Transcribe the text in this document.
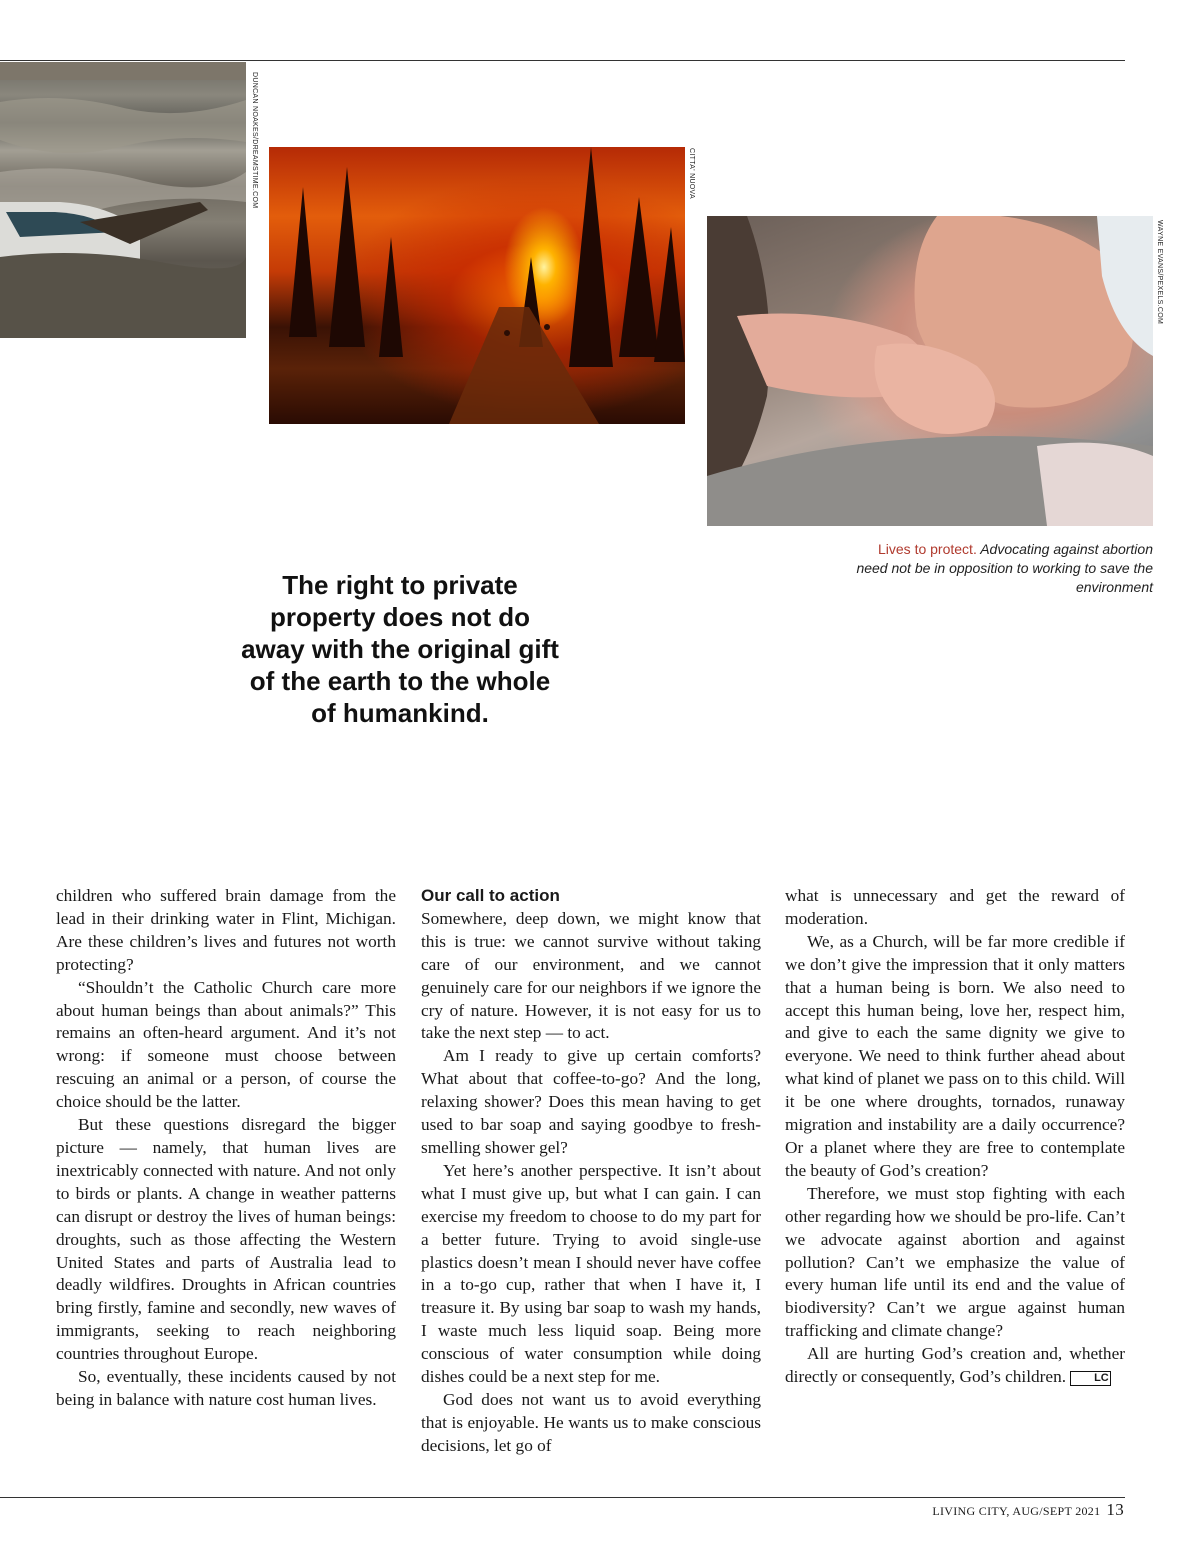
DUNCAN NOAKES/DREAMSTIME.COM	CITTA' NUOVA
WAYNE EVANS/PEXELS.COM
Lives to protect. Advocating against abortion need not be in opposition to working to save the environment
The right to private property does not do away with the original gift of the earth to the whole of humankind.

children who suffered brain damage from the lead in their drinking water in Flint, Michigan. Are these children’s lives and futures not worth protecting?

“Shouldn’t the Catholic Church care more about human beings than about animals?” This remains an often-heard argument. And it’s not wrong: if someone must choose between rescuing an animal or a person, of course the choice should be the latter.

But these questions disregard the bigger picture — namely, that human lives are inextricably connected with nature. And not only to birds or plants. A change in weather patterns can disrupt or destroy the lives of human beings: droughts, such as those affecting the Western United States and parts of Australia lead to deadly wildfires. Droughts in African countries bring firstly, famine and secondly, new waves of immigrants, seeking to reach neighboring countries throughout Europe.

So, eventually, these incidents caused by not being in balance with nature cost human lives.

Our call to action

Somewhere, deep down, we might know that this is true: we cannot survive without taking care of our environment, and we cannot genuinely care for our neighbors if we ignore the cry of nature. However, it is not easy for us to take the next step — to act.

Am I ready to give up certain comforts? What about that coffee-to-go? And the long, relaxing shower? Does this mean having to get used to bar soap and saying goodbye to fresh-smelling shower gel?

Yet here’s another perspective. It isn’t about what I must give up, but what I can gain. I can exercise my freedom to choose to do my part for a better future. Trying to avoid single-use plastics doesn’t mean I should never have coffee in a to-go cup, rather that when I have it, I treasure it. By using bar soap to wash my hands, I waste much less liquid soap. Being more conscious of water consumption while doing dishes could be a next step for me.

God does not want us to avoid everything that is enjoyable. He wants us to make conscious decisions, let go of

what is unnecessary and get the reward of moderation.

We, as a Church, will be far more credible if we don’t give the impression that it only matters that a human being is born. We also need to accept this human being, love her, respect him, and give to each the same dignity we give to everyone. We need to think further ahead about what kind of planet we pass on to this child. Will it be one where droughts, tornados, runaway migration and instability are a daily occurrence? Or a planet where they are free to contemplate the beauty of God’s creation?

Therefore, we must stop fighting with each other regarding how we should be pro-life. Can’t we advocate against abortion and against pollution? Can’t we emphasize the value of every human life until its end and the value of biodiversity? Can’t we argue against human trafficking and climate change?

All are hurting God’s creation and, whether directly or consequently, God’s children.	LC

LIVING CITY, AUG/SEPT 2021 13
